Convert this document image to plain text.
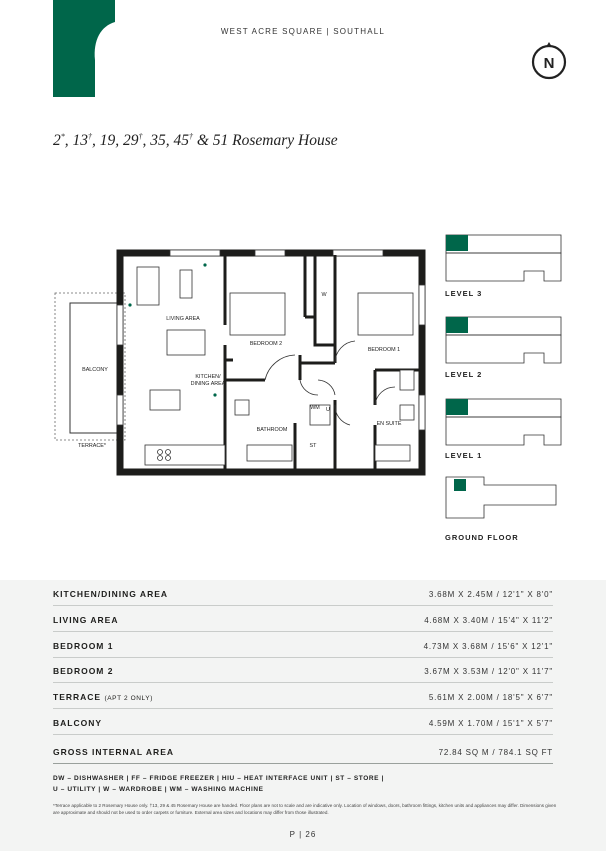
WEST ACRE SQUARE | SOUTHALL
N
2*, 13†, 19, 29†, 35, 45† & 51 Rosemary House
LIVING AREA
BEDROOM 2
BEDROOM 1
KITCHEN/
DINING AREA
BALCONY
BATHROOM
EN SUITE
TERRACE*
W
U
WM
ST
LEVEL 3
LEVEL 2
LEVEL 1
GROUND FLOOR
KITCHEN/DINING AREA	3.68M X 2.45M / 12'1" X 8'0"
LIVING AREA	4.68M X 3.40M / 15'4" X 11'2"
BEDROOM 1	4.73M X 3.68M / 15'6" X 12'1"
BEDROOM 2	3.67M X 3.53M / 12'0" X 11'7"
TERRACE (APT 2 ONLY)	5.61M X 2.00M / 18'5" X 6'7"
BALCONY	4.59M X 1.70M / 15'1" X 5'7"
GROSS INTERNAL AREA	72.84 SQ M / 784.1 SQ FT
DW – DISHWASHER | FF – FRIDGE FREEZER | HIU – HEAT INTERFACE UNIT | ST – STORE |
U – UTILITY | W – WARDROBE | WM – WASHING MACHINE
*Terrace applicable to 2 Rosemary House only. †13, 29 & 45 Rosemary House are handed. Floor plans are not to scale and are indicative only. Location of windows, doors, bathroom fittings, kitchen units and appliances may differ. Dimensions given are approximate and should not be used to order carpets or furniture. External area sizes and locations may differ from those illustrated.
P | 26
